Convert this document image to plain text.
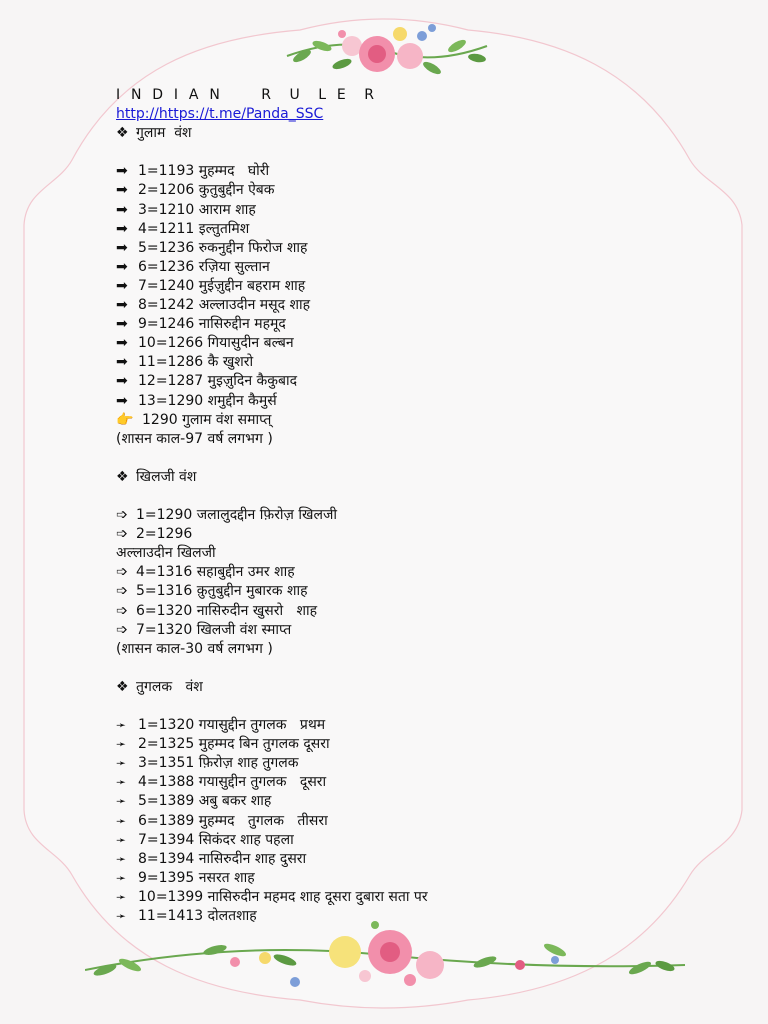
I N D I A N     R  U  L E  R
http://https://t.me/Panda_SSC
❖ गुलाम  वंश
➡ 1=1193 मुहम्मद   घोरी
➡ 2=1206 कुतुबुद्दीन ऐबक
➡ 3=1210 आराम शाह
➡ 4=1211 इल्तुतमिश
➡ 5=1236 रुकनुद्दीन फिरोज शाह
➡ 6=1236 रज़िया सुल्तान
➡ 7=1240 मुईज़ुद्दीन बहराम शाह
➡ 8=1242 अल्लाउदीन मसूद शाह
➡ 9=1246 नासिरुद्दीन महमूद
➡ 10=1266 गियासुदीन बल्बन
➡ 11=1286 कै खुशरो
➡ 12=1287 मुइज़ुदिन कैकुबाद
➡ 13=1290 शमुद्दीन कैमुर्स
👉 1290 गुलाम वंश समाप्त्
(शासन काल-97 वर्ष लगभग )
❖ खिलजी वंश
➩ 1=1290 जलालुदद्दीन फ़िरोज़ खिलजी
➩ 2=1296
अल्लाउदीन खिलजी
➩ 4=1316 सहाबुद्दीन उमर शाह
➩ 5=1316 क़ुतुबुद्दीन मुबारक शाह
➩ 6=1320 नासिरुदीन खुसरो   शाह
➩ 7=1320 खिलजी वंश स्माप्त
(शासन काल-30 वर्ष लगभग )
❖ तुगलक   वंश
➛ 1=1320 गयासुद्दीन तुगलक   प्रथम
➛ 2=1325 मुहम्मद बिन तुगलक दूसरा
➛ 3=1351 फ़िरोज़ शाह तुगलक
➛ 4=1388 गयासुद्दीन तुगलक   दूसरा
➛ 5=1389 अबु बकर शाह
➛ 6=1389 मुहम्मद   तुगलक   तीसरा
➛ 7=1394 सिकंदर शाह पहला
➛ 8=1394 नासिरुदीन शाह दुसरा
➛ 9=1395 नसरत शाह
➛ 10=1399 नासिरुदीन महमद शाह दूसरा दुबारा सता पर
➛ 11=1413 दोलतशाह
